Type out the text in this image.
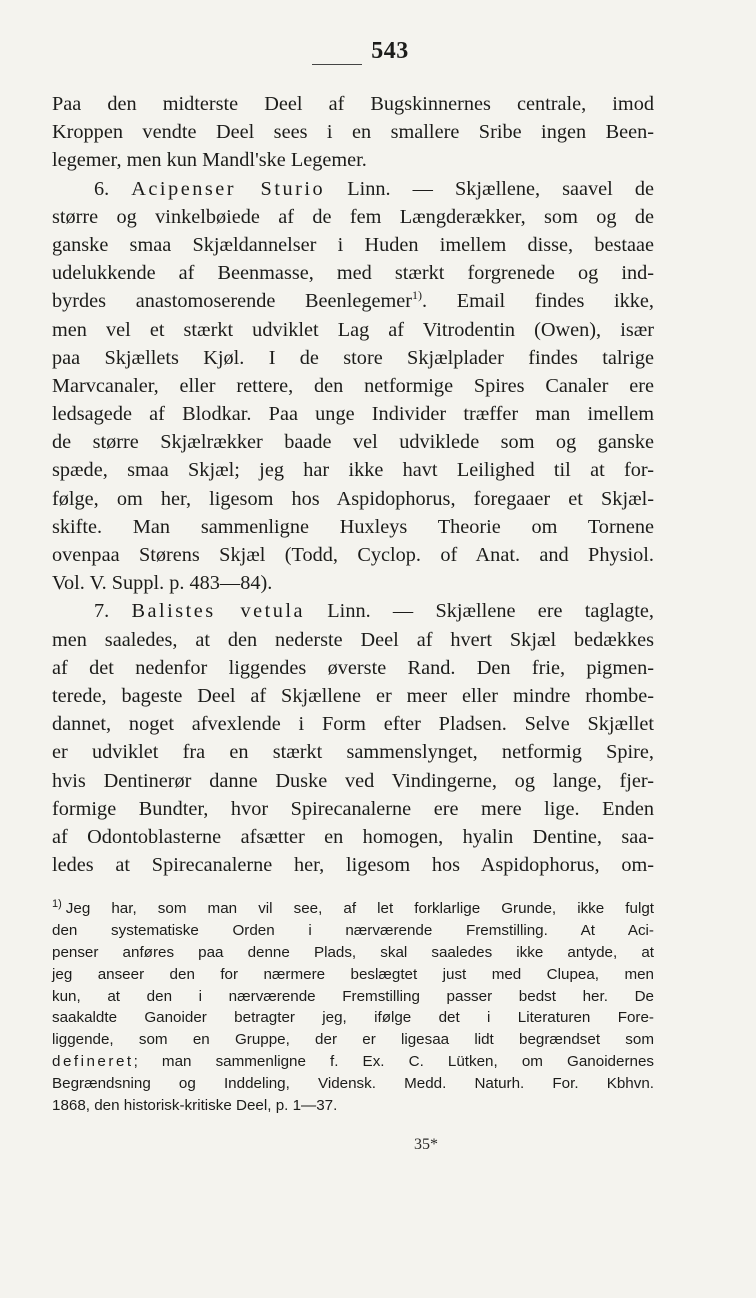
543
Paa den midterste Deel af Bugskinnernes centrale, imod
Kroppen vendte Deel sees i en smallere Sribe ingen Been-
legemer, men kun Mandl'ske Legemer.
6. Acipenser Sturio Linn. — Skjællene, saavel de
større og vinkelbøiede af de fem Længderækker, som og de
ganske smaa Skjældannelser i Huden imellem disse, bestaae
udelukkende af Beenmasse, med stærkt forgrenede og ind-
byrdes anastomoserende Beenlegemer$^{1)}$. Email findes ikke,
men vel et stærkt udviklet Lag af Vitrodentin (Owen), især
paa Skjællets Kjøl. I de store Skjælplader findes talrige
Marvcanaler, eller rettere, den netformige Spires Canaler ere
ledsagede af Blodkar. Paa unge Individer træffer man imellem
de større Skjælrækker baade vel udviklede som og ganske
spæde, smaa Skjæl; jeg har ikke havt Leilighed til at for-
følge, om her, ligesom hos Aspidophorus, foregaaer et Skjæl-
skifte. Man sammenligne Huxleys Theorie om Tornene
ovenpaa Størens Skjæl (Todd, Cyclop. of Anat. and Physiol.
Vol. V. Suppl. p. 483—84).
7. Balistes vetula Linn. — Skjællene ere taglagte,
men saaledes, at den nederste Deel af hvert Skjæl bedækkes
af det nedenfor liggendes øverste Rand. Den frie, pigmen-
terede, bageste Deel af Skjællene er meer eller mindre rhombe-
dannet, noget afvexlende i Form efter Pladsen. Selve Skjællet
er udviklet fra en stærkt sammenslynget, netformig Spire,
hvis Dentinerør danne Duske ved Vindingerne, og lange, fjer-
formige Bundter, hvor Spirecanalerne ere mere lige. Enden
af Odontoblasterne afsætter en homogen, hyalin Dentine, saa-
ledes at Spirecanalerne her, ligesom hos Aspidophorus, om-
$^{1)}$ Jeg har, som man vil see, af let forklarlige Grunde, ikke fulgt
den systematiske Orden i nærværende Fremstilling. At Aci-
penser anføres paa denne Plads, skal saaledes ikke antyde, at
jeg anseer den for nærmere beslægtet just med Clupea, men
kun, at den i nærværende Fremstilling passer bedst her. De
saakaldte Ganoider betragter jeg, ifølge det i Literaturen Fore-
liggende, som en Gruppe, der er ligesaa lidt begrændset som
defineret; man sammenligne f. Ex. C. Lütken, om Ganoidernes
Begrændsning og Inddeling, Vidensk. Medd. Naturh. For. Kbhvn.
1868, den historisk-kritiske Deel, p. 1—37.
35*
